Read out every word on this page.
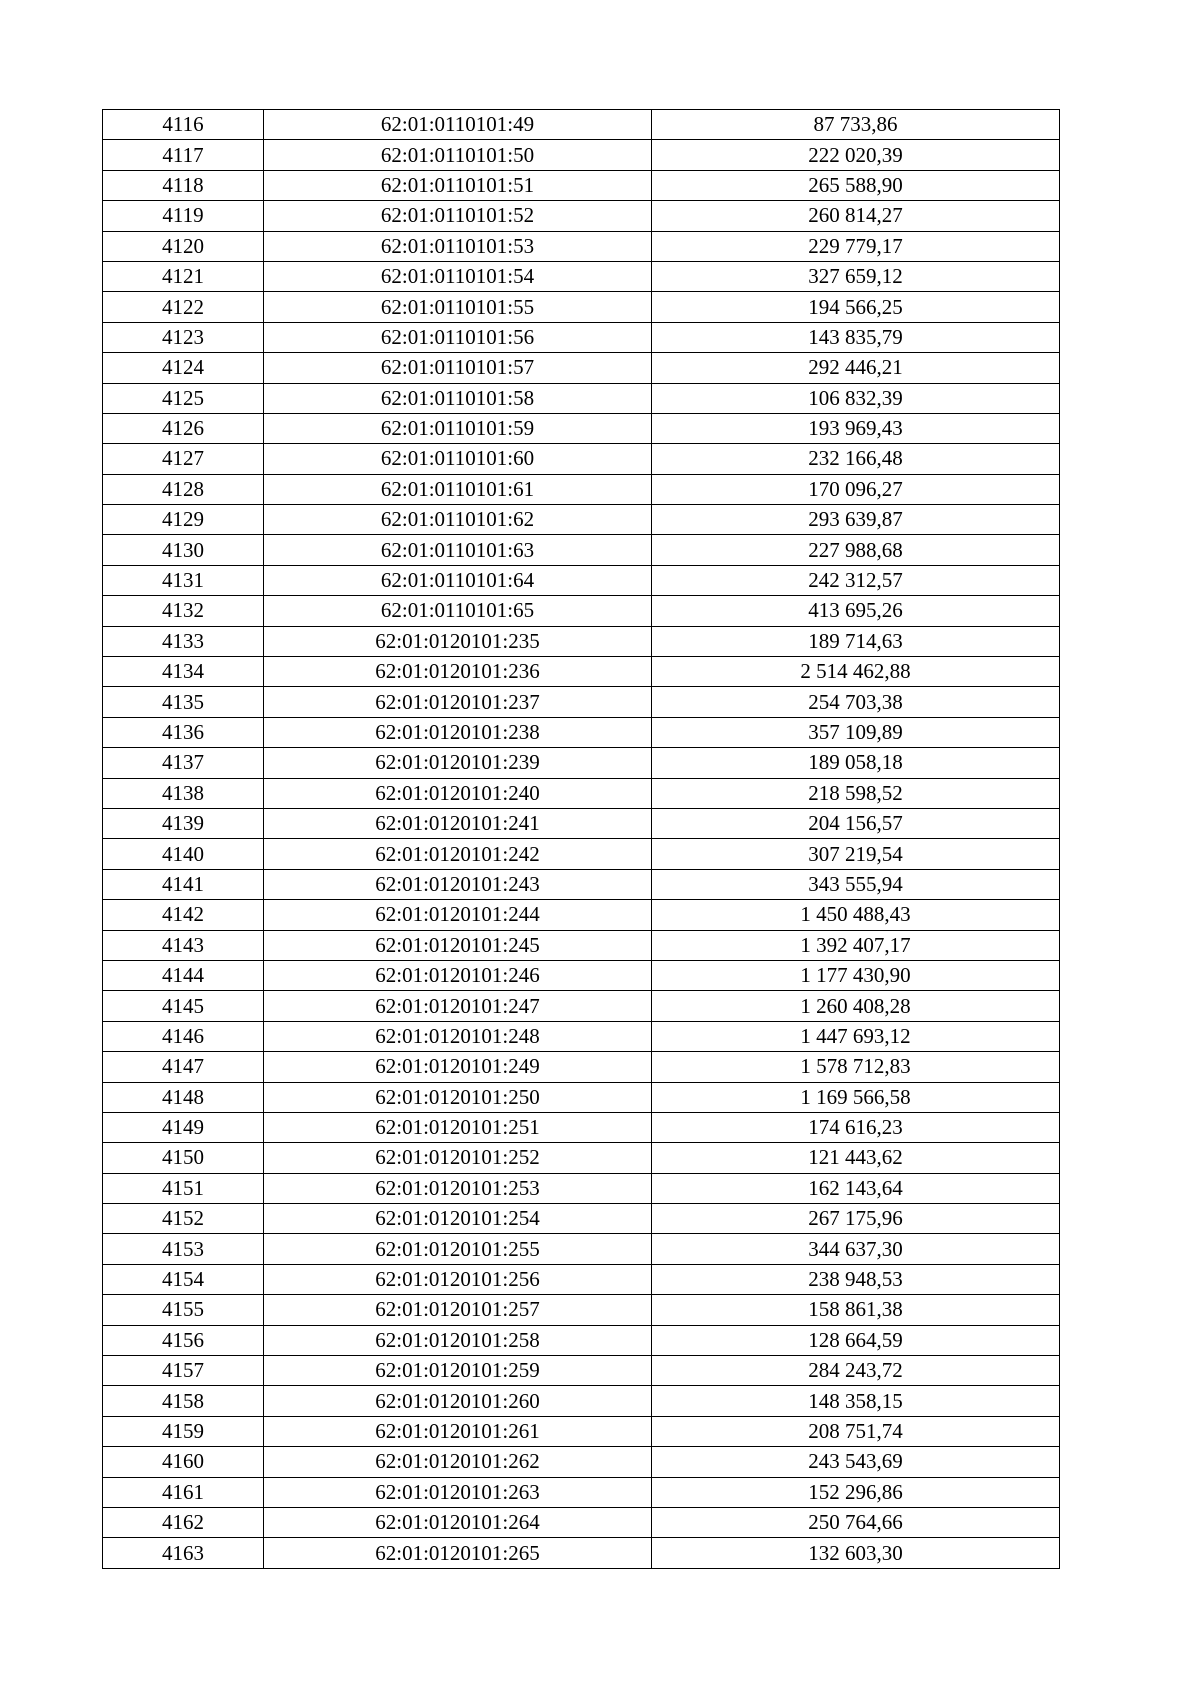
4116	62:01:0110101:49	87 733,86
4117	62:01:0110101:50	222 020,39
4118	62:01:0110101:51	265 588,90
4119	62:01:0110101:52	260 814,27
4120	62:01:0110101:53	229 779,17
4121	62:01:0110101:54	327 659,12
4122	62:01:0110101:55	194 566,25
4123	62:01:0110101:56	143 835,79
4124	62:01:0110101:57	292 446,21
4125	62:01:0110101:58	106 832,39
4126	62:01:0110101:59	193 969,43
4127	62:01:0110101:60	232 166,48
4128	62:01:0110101:61	170 096,27
4129	62:01:0110101:62	293 639,87
4130	62:01:0110101:63	227 988,68
4131	62:01:0110101:64	242 312,57
4132	62:01:0110101:65	413 695,26
4133	62:01:0120101:235	189 714,63
4134	62:01:0120101:236	2 514 462,88
4135	62:01:0120101:237	254 703,38
4136	62:01:0120101:238	357 109,89
4137	62:01:0120101:239	189 058,18
4138	62:01:0120101:240	218 598,52
4139	62:01:0120101:241	204 156,57
4140	62:01:0120101:242	307 219,54
4141	62:01:0120101:243	343 555,94
4142	62:01:0120101:244	1 450 488,43
4143	62:01:0120101:245	1 392 407,17
4144	62:01:0120101:246	1 177 430,90
4145	62:01:0120101:247	1 260 408,28
4146	62:01:0120101:248	1 447 693,12
4147	62:01:0120101:249	1 578 712,83
4148	62:01:0120101:250	1 169 566,58
4149	62:01:0120101:251	174 616,23
4150	62:01:0120101:252	121 443,62
4151	62:01:0120101:253	162 143,64
4152	62:01:0120101:254	267 175,96
4153	62:01:0120101:255	344 637,30
4154	62:01:0120101:256	238 948,53
4155	62:01:0120101:257	158 861,38
4156	62:01:0120101:258	128 664,59
4157	62:01:0120101:259	284 243,72
4158	62:01:0120101:260	148 358,15
4159	62:01:0120101:261	208 751,74
4160	62:01:0120101:262	243 543,69
4161	62:01:0120101:263	152 296,86
4162	62:01:0120101:264	250 764,66
4163	62:01:0120101:265	132 603,30
